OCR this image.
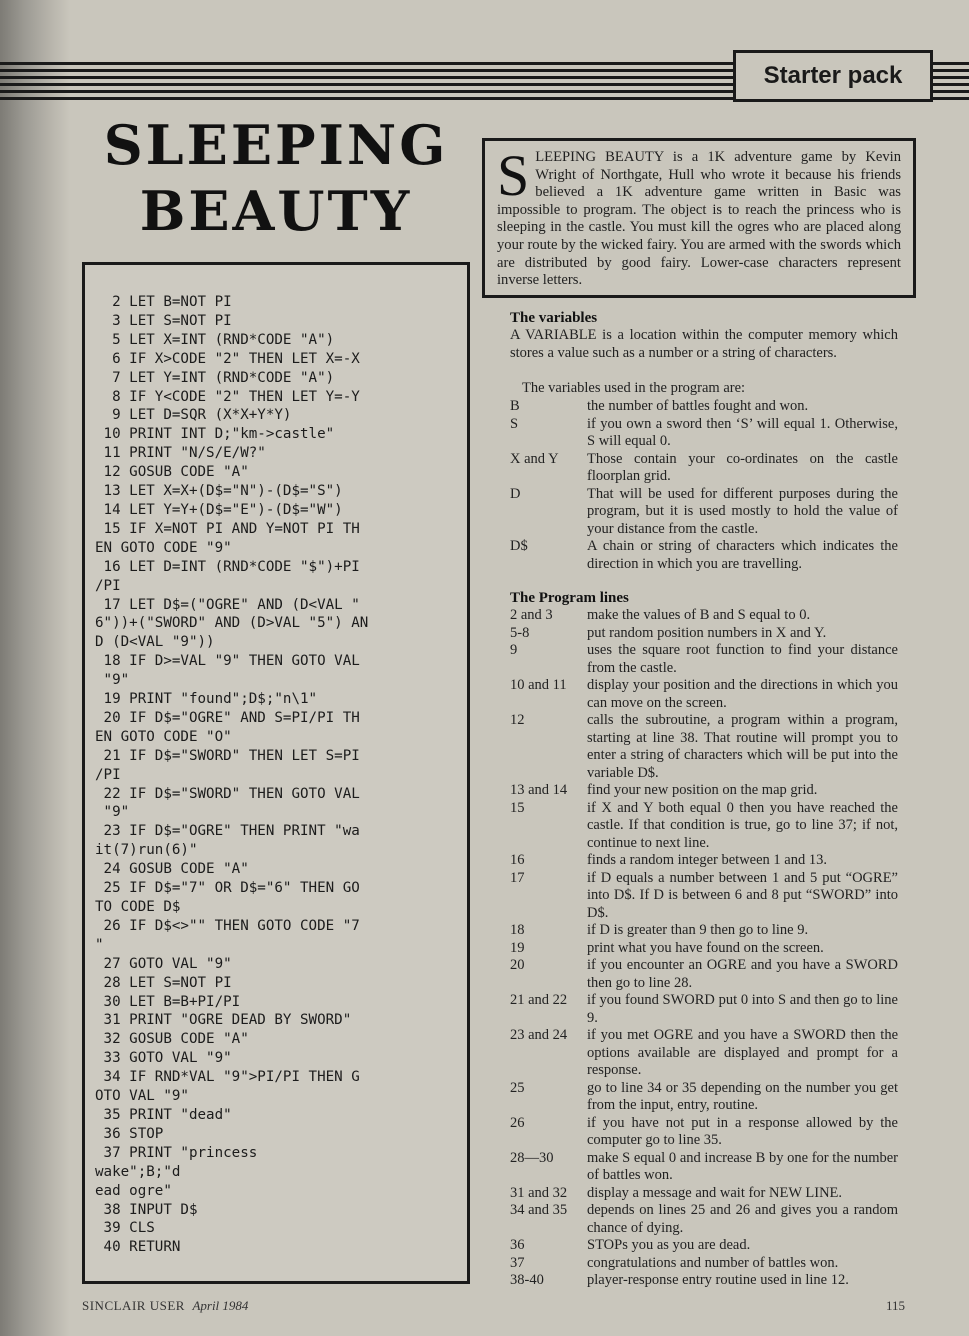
Starter pack
SLEEPING
BEAUTY
2 LET B=NOT PI
3 LET S=NOT PI
5 LET X=INT (RND*CODE "A")
6 IF X>CODE "2" THEN LET X=-X
7 LET Y=INT (RND*CODE "A")
8 IF Y<CODE "2" THEN LET Y=-Y
9 LET D=SQR (X*X+Y*Y)
10 PRINT INT D;"km->castle"
11 PRINT "N/S/E/W?"
12 GOSUB CODE "A"
13 LET X=X+(D$="N")-(D$="S")
14 LET Y=Y+(D$="E")-(D$="W")
15 IF X=NOT PI AND Y=NOT PI TH
EN GOTO CODE "9"
16 LET D=INT (RND*CODE "$")+PI
/PI
17 LET D$=("OGRE" AND (D<VAL "
6"))+("SWORD" AND (D>VAL "5") AN
D (D<VAL "9"))
18 IF D>=VAL "9" THEN GOTO VAL
"9"
19 PRINT "found";D$;"n\1"
20 IF D$="OGRE" AND S=PI/PI TH
EN GOTO CODE "O"
21 IF D$="SWORD" THEN LET S=PI
/PI
22 IF D$="SWORD" THEN GOTO VAL
"9"
23 IF D$="OGRE" THEN PRINT "wa
it(7)run(6)"
24 GOSUB CODE "A"
25 IF D$="7" OR D$="6" THEN GO
TO CODE D$
26 IF D$<>"" THEN GOTO CODE "7
"
27 GOTO VAL "9"
28 LET S=NOT PI
30 LET B=B+PI/PI
31 PRINT "OGRE DEAD BY SWORD"
32 GOSUB CODE "A"
33 GOTO VAL "9"
34 IF RND*VAL "9">PI/PI THEN G
OTO VAL "9"
35 PRINT "dead"
36 STOP
37 PRINT "princess
wake";B;"d
ead ogre"
38 INPUT D$
39 CLS
40 RETURN
SLEEPING BEAUTY is a 1K adventure game by Kevin Wright of Northgate, Hull who wrote it because his friends believed a 1K adventure game written in Basic was impossible to program. The object is to reach the princess who is sleeping in the castle. You must kill the ogres who are placed along your route by the wicked fairy. You are armed with the swords which are distributed by good fairy. Lower-case characters represent inverse letters.
The variables
A VARIABLE is a location within the computer memory which stores a value such as a number or a string of characters.
The variables used in the program are:
B	the number of battles fought and won.
S	if you own a sword then ‘S’ will equal 1. Otherwise, S will equal 0.
X and Y	Those contain your co-ordinates on the castle floorplan grid.
D	That will be used for different purposes during the program, but it is used mostly to hold the value of your distance from the castle.
D$	A chain or string of characters which indicates the direction in which you are travelling.
The Program lines
2 and 3	make the values of B and S equal to 0.
5-8	put random position numbers in X and Y.
9	uses the square root function to find your distance from the castle.
10 and 11	display your position and the directions in which you can move on the screen.
12	calls the subroutine, a program within a program, starting at line 38. That routine will prompt you to enter a string of characters which will be put into the variable D$.
13 and 14	find your new position on the map grid.
15	if X and Y both equal 0 then you have reached the castle. If that condition is true, go to line 37; if not, continue to next line.
16	finds a random integer between 1 and 13.
17	if D equals a number between 1 and 5 put “OGRE” into D$. If D is between 6 and 8 put “SWORD” into D$.
18	if D is greater than 9 then go to line 9.
19	print what you have found on the screen.
20	if you encounter an OGRE and you have a SWORD then go to line 28.
21 and 22	if you found SWORD put 0 into S and then go to line 9.
23 and 24	if you met OGRE and you have a SWORD then the options available are displayed and prompt for a response.
25	go to line 34 or 35 depending on the number you get from the input, entry, routine.
26	if you have not put in a response allowed by the computer go to line 35.
28—30	make S equal 0 and increase B by one for the number of battles won.
31 and 32	display a message and wait for NEW LINE.
34 and 35	depends on lines 25 and 26 and gives you a random chance of dying.
36	STOPs you as you are dead.
37	congratulations and number of battles won.
38-40	player-response entry routine used in line 12.
SINCLAIR USER April 1984	115
